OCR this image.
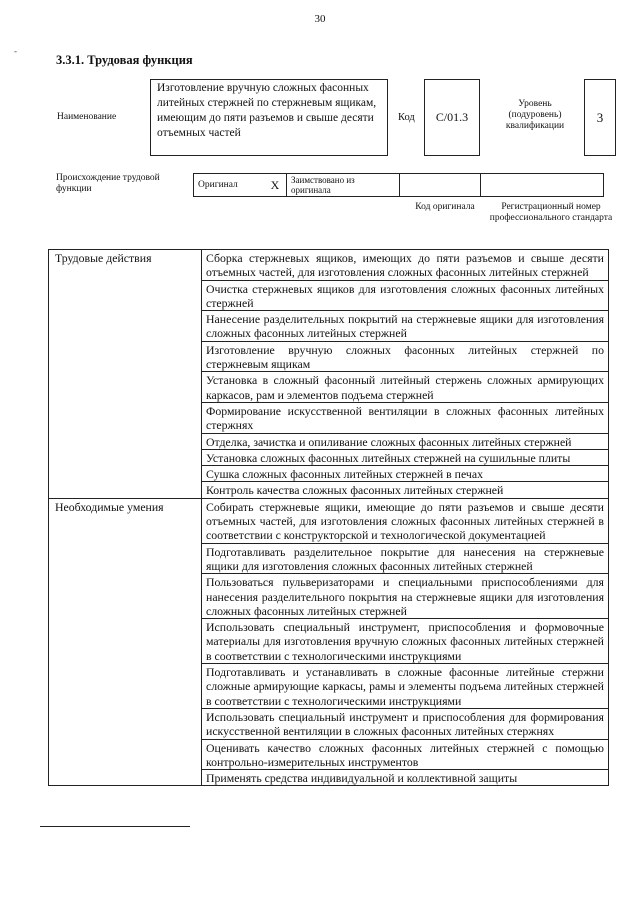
30
-
3.3.1. Трудовая функция
Наименование
Изготовление вручную сложных фасонных литейных стержней по стержневым ящикам, имеющим до пяти разъемов и свыше десяти отъемных частей
Код	C/01.3
Уровень (подуровень) квалификации
3
Происхождение трудовой функции	Оригинал	X	Заимствовано из оригинала		
Код оригинала	Регистрационный номер профессионального стандарта
Трудовые действия	Сборка стержневых ящиков, имеющих до пяти разъемов и свыше десяти отъемных частей, для изготовления сложных фасонных литейных стержней
	Очистка стержневых ящиков для изготовления сложных фасонных литейных стержней
	Нанесение разделительных покрытий на стержневые ящики для изготовления сложных фасонных литейных стержней
	Изготовление вручную сложных фасонных литейных стержней по стержневым ящикам
	Установка в сложный фасонный литейный стержень сложных армирующих каркасов, рам и элементов подъема стержней
	Формирование искусственной вентиляции в сложных фасонных литейных стержнях
	Отделка, зачистка и опиливание сложных фасонных литейных стержней
	Установка сложных фасонных литейных стержней на сушильные плиты
	Сушка сложных фасонных литейных стержней в печах
	Контроль качества сложных фасонных литейных стержней
Необходимые умения	Собирать стержневые ящики, имеющие до пяти разъемов и свыше десяти отъемных частей, для изготовления сложных фасонных литейных стержней в соответствии с конструкторской и технологической документацией
	Подготавливать разделительное покрытие для нанесения на стержневые ящики для изготовления сложных фасонных литейных стержней
	Пользоваться пульверизаторами и специальными приспособлениями для нанесения разделительного покрытия на стержневые ящики для изготовления сложных фасонных литейных стержней
	Использовать специальный инструмент, приспособления и формовочные материалы для изготовления вручную сложных фасонных литейных стержней в соответствии с технологическими инструкциями
	Подготавливать и устанавливать в сложные фасонные литейные стержни сложные армирующие каркасы, рамы и элементы подъема литейных стержней в соответствии с технологическими инструкциями
	Использовать специальный инструмент и приспособления для формирования искусственной вентиляции в сложных фасонных литейных стержнях
	Оценивать качество сложных фасонных литейных стержней с помощью контрольно-измерительных инструментов
	Применять средства индивидуальной и коллективной защиты
